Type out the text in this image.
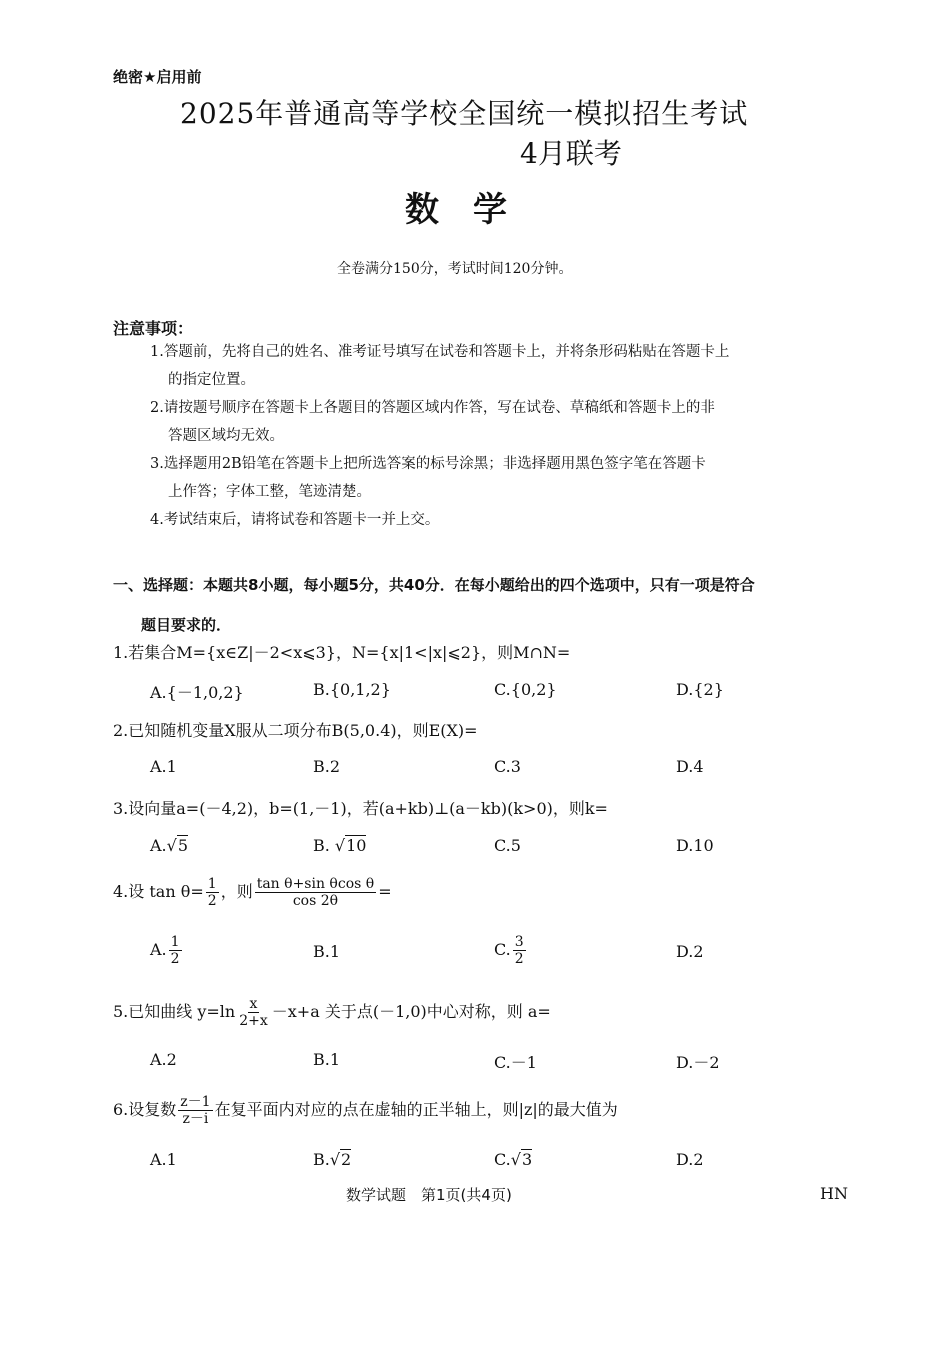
绝密★启用前
2025年普通高等学校全国统一模拟招生考试
4月联考
数学
全卷满分150分，考试时间120分钟。
注意事项：
1.答题前，先将自己的姓名、准考证号填写在试卷和答题卡上，并将条形码粘贴在答题卡上
的指定位置。
2.请按题号顺序在答题卡上各题目的答题区域内作答，写在试卷、草稿纸和答题卡上的非
答题区域均无效。
3.选择题用2B铅笔在答题卡上把所选答案的标号涂黑；非选择题用黑色签字笔在答题卡
上作答；字体工整，笔迹清楚。
4.考试结束后，请将试卷和答题卡一并上交。
一、选择题：本题共8小题，每小题5分，共40分．在每小题给出的四个选项中，只有一项是符合
题目要求的．
1.若集合M={x∈Z|－2<x⩽3}，N={x|1<|x|⩽2}，则M∩N=
A.{－1,0,2}	B.{0,1,2}	C.{0,2}	D.{2}
2.已知随机变量X服从二项分布B(5,0.4)，则E(X)=
A.1	B.2	C.3	D.4
3.设向量a=(－4,2)，b=(1,－1)，若(a+kb)⊥(a－kb)(k>0)，则k=
A.√5	B. √10	C.5	D.10
4.设 $\tan \theta= \frac{1}{2}$ ，则 $\frac{\text{tan θ+sin θcos θ}}{\cos 2\theta}$ =
A. $\frac{1}{2}$	B.1	C. $\frac{3}{2}$	D.2
5.已知曲线 $y=\ln \frac{x}{2+x} -x+a$ 关于点(－1,0)中心对称，则 a=
A.2	B.1	C.－1	D.－2
6.设复数 $\frac{z-1}{z-i}$ 在复平面内对应的点在虚轴的正半轴上，则|z|的最大值为
A.1	B.√2	C.√3	D.2
数学试题　第1页(共4页)	HN
